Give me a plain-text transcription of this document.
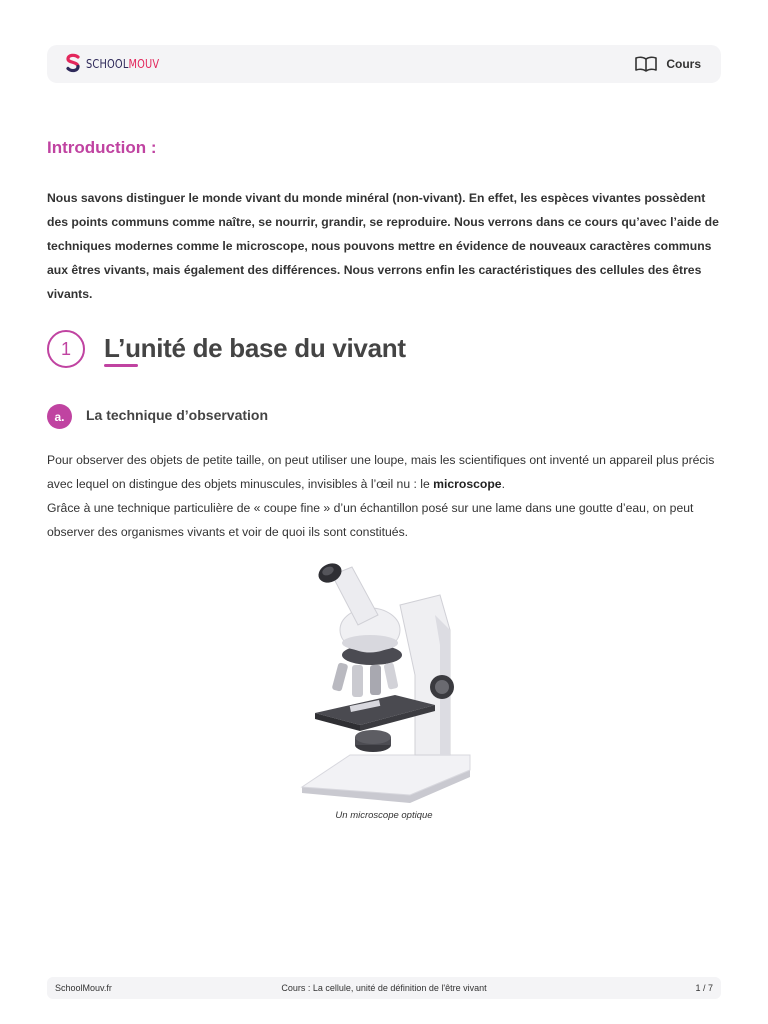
SCHOOLMOUV	Cours
Introduction :

Nous savons distinguer le monde vivant du monde minéral (non-vivant). En effet, les espèces vivantes possèdent des points communs comme naître, se nourrir, grandir, se reproduire. Nous verrons dans ce cours qu’avec l’aide de techniques modernes comme le microscope, nous pouvons mettre en évidence de nouveaux caractères communs aux êtres vivants, mais également des différences. Nous verrons enfin les caractéristiques des cellules des êtres vivants.

1 L’unité de base du vivant
a. La technique d’observation

Pour observer des objets de petite taille, on peut utiliser une loupe, mais les scientifiques ont inventé un appareil plus précis avec lequel on distingue des objets minuscules, invisibles à l’œil nu : le microscope.
Grâce à une technique particulière de « coupe fine » d’un échantillon posé sur une lame dans une goutte d’eau, on peut observer des organismes vivants et voir de quoi ils sont constitués.

Un microscope optique
SchoolMouv.fr	Cours : La cellule, unité de définition de l'être vivant	1 / 7
